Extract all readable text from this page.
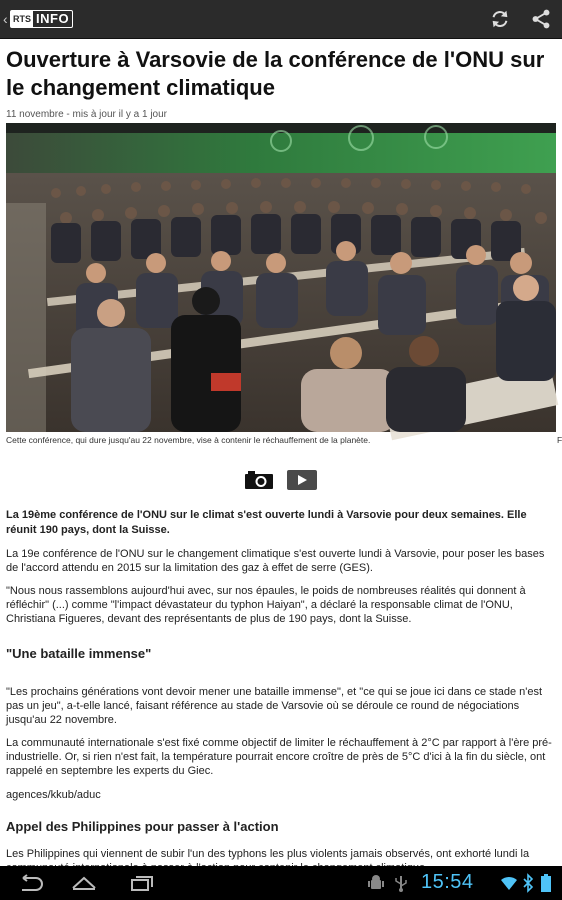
‹ RTS INFO
Ouverture à Varsovie de la conférence de l'ONU sur le changement climatique
11 novembre - mis à jour il y a 1 jour
Cette conférence, qui dure jusqu'au 22 novembre, vise à contenir le réchauffement de la planète.	F

La 19ème conférence de l'ONU sur le climat s'est ouverte lundi à Varsovie pour deux semaines. Elle réunit 190 pays, dont la Suisse.

La 19e conférence de l'ONU sur le changement climatique s'est ouverte lundi à Varsovie, pour poser les bases de l'accord attendu en 2015 sur la limitation des gaz à effet de serre (GES).

"Nous nous rassemblons aujourd'hui avec, sur nos épaules, le poids de nombreuses réalités qui donnent à réfléchir" (...) comme "l'impact dévastateur du typhon Haiyan", a déclaré la responsable climat de l'ONU, Christiana Figueres, devant des représentants de plus de 190 pays, dont la Suisse.

"Une bataille immense"

"Les prochains générations vont devoir mener une bataille immense", et "ce qui se joue ici dans ce stade n'est pas un jeu", a-t-elle lancé, faisant référence au stade de Varsovie où se déroule ce round de négociations jusqu'au 22 novembre.

La communauté internationale s'est fixé comme objectif de limiter le réchauffement à 2°C par rapport à l'ère pré-industrielle. Or, si rien n'est fait, la température pourrait encore croître de près de 5°C d'ici à la fin du siècle, ont rappelé en septembre les experts du Giec.

agences/kkub/aduc

Appel des Philippines pour passer à l'action

Les Philippines qui viennent de subir l'un des typhons les plus violents jamais observés, ont exhorté lundi la

15:54
